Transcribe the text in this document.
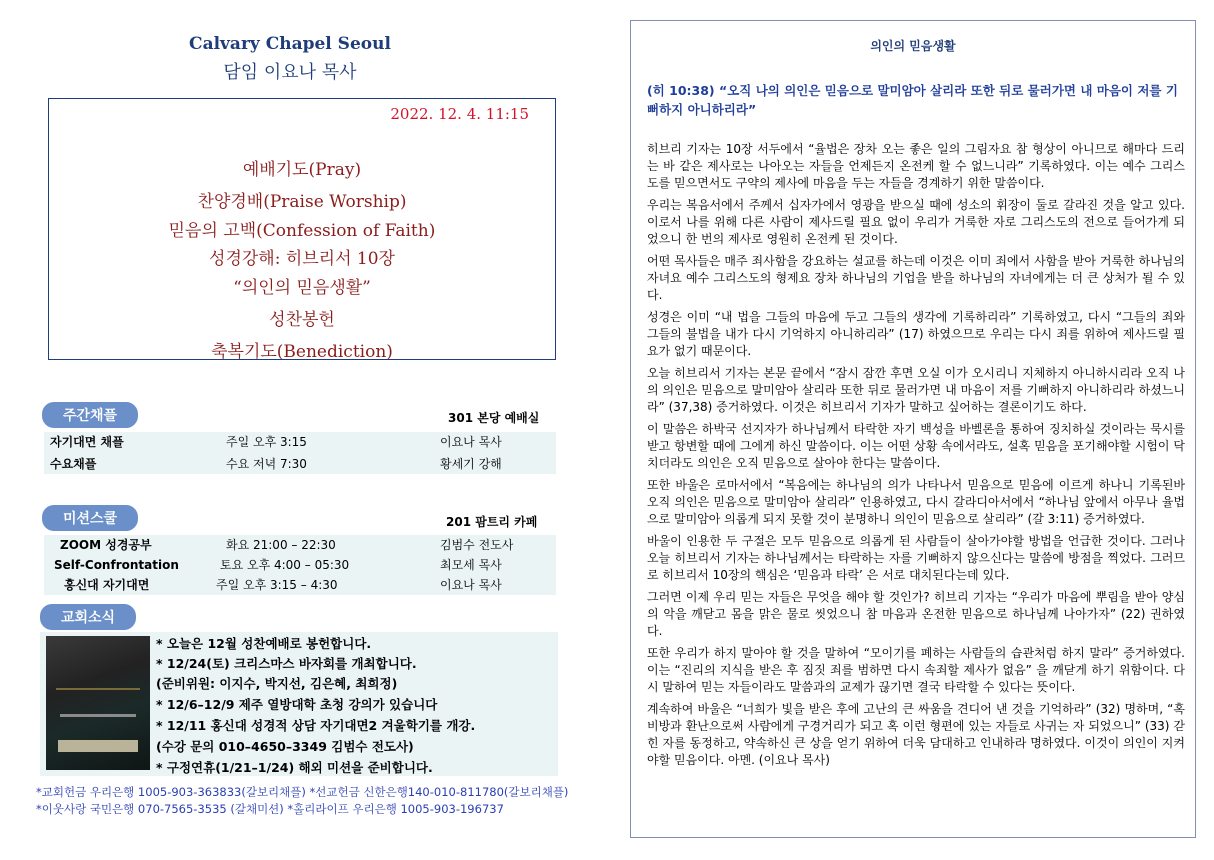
Calvary Chapel Seoul
담임 이요나 목사
2022. 12. 4. 11:15
예배기도(Pray)
찬양경배(Praise Worship)
믿음의 고백(Confession of Faith)
성경강해: 히브리서 10장
“의인의 믿음생활”
성찬봉헌
축복기도(Benediction)
주간채플	301 본당 예배실
자기대면 채플	주일 오후 3:15	이요나 목사
수요채플	수요 저녁 7:30	황세기 강해
미션스쿨	201 팜트리 카페
ZOOM 성경공부	화요 21:00 – 22:30	김범수 전도사
Self-Confrontation	토요 오후 4:00 – 05:30	최모세 목사
홍신대 자기대면	주일 오후 3:15 – 4:30	이요나 목사
교회소식
* 오늘은 12월 성찬예배로 봉헌합니다.
* 12/24(토) 크리스마스 바자회를 개최합니다.
(준비위원: 이지수, 박지선, 김은혜, 최희정)
* 12/6–12/9 제주 열방대학 초청 강의가 있습니다
* 12/11 홍신대 성경적 상담 자기대면2 겨울학기를 개강.
(수강 문의 010–4650–3349 김범수 전도사)
* 구정연휴(1/21–1/24) 해외 미션을 준비합니다.
*교회헌금 우리은행 1005-903-363833(갈보리채플) *선교헌금 신한은행140-010-811780(갈보리채플)
*이웃사랑 국민은행 070-7565-3535 (갈채미션) *홀리라이프 우리은행 1005-903-196737
의인의 믿음생활
(히 10:38) “오직 나의 의인은 믿음으로 말미암아 살리라 또한 뒤로 물러가면 내 마음이 저를 기뻐하지 아니하리라”

히브리 기자는 10장 서두에서 “율법은 장차 오는 좋은 일의 그림자요 참 형상이 아니므로 해마다 드리는 바 같은 제사로는 나아오는 자들을 언제든지 온전케 할 수 없느니라” 기록하였다. 이는 예수 그리스도를 믿으면서도 구약의 제사에 마음을 두는 자들을 경계하기 위한 말씀이다.

우리는 복음서에서 주께서 십자가에서 영광을 받으실 때에 성소의 휘장이 둘로 갈라진 것을 알고 있다. 이로서 나를 위해 다른 사람이 제사드릴 필요 없이 우리가 거룩한 자로 그리스도의 전으로 들어가게 되었으니 한 번의 제사로 영원히 온전케 된 것이다.

어떤 목사들은 매주 죄사함을 강요하는 설교를 하는데 이것은 이미 죄에서 사함을 받아 거룩한 하나님의 자녀요 예수 그리스도의 형제요 장차 하나님의 기업을 받을 하나님의 자녀에게는 더 큰 상처가 될 수 있다.

성경은 이미 “내 법을 그들의 마음에 두고 그들의 생각에 기록하리라” 기록하였고, 다시 “그들의 죄와 그들의 불법을 내가 다시 기억하지 아니하리라” (17) 하였으므로 우리는 다시 죄를 위하여 제사드릴 필요가 없기 때문이다.

오늘 히브리서 기자는 본문 끝에서 “잠시 잠깐 후면 오실 이가 오시리니 지체하지 아니하시리라 오직 나의 의인은 믿음으로 말미암아 살리라 또한 뒤로 물러가면 내 마음이 저를 기뻐하지 아니하리라 하셨느니라” (37,38) 증거하였다. 이것은 히브리서 기자가 말하고 싶어하는 결론이기도 하다.

이 말씀은 하박국 선지자가 하나님께서 타락한 자기 백성을 바벨론을 통하여 징치하실 것이라는 묵시를 받고 항변할 때에 그에게 하신 말씀이다. 이는 어떤 상황 속에서라도, 설혹 믿음을 포기해야할 시험이 닥치더라도 의인은 오직 믿음으로 살아야 한다는 말씀이다.

또한 바울은 로마서에서 “복음에는 하나님의 의가 나타나서 믿음으로 믿음에 이르게 하나니 기록된바 오직 의인은 믿음으로 말미암아 살리라” 인용하였고, 다시 갈라디아서에서 “하나님 앞에서 아무나 율법으로 말미암아 의롭게 되지 못할 것이 분명하니 의인이 믿음으로 살리라” (갈 3:11) 증거하였다.

바울이 인용한 두 구절은 모두 믿음으로 의롭게 된 사람들이 살아가야할 방법을 언급한 것이다. 그러나 오늘 히브리서 기자는 하나님께서는 타락하는 자를 기뻐하지 않으신다는 말씀에 방점을 찍었다. 그러므로 히브리서 10장의 핵심은 ‘믿음과 타락’ 은 서로 대치된다는데 있다.

그러면 이제 우리 믿는 자들은 무엇을 해야 할 것인가? 히브리 기자는 “우리가 마음에 뿌림을 받아 양심의 악을 깨닫고 몸을 맑은 물로 씻었으니 참 마음과 온전한 믿음으로 하나님께 나아가자” (22) 권하였다.

또한 우리가 하지 말아야 할 것을 말하여 “모이기를 폐하는 사람들의 습관처럼 하지 말라” 증거하였다. 이는 “진리의 지식을 받은 후 짐짓 죄를 범하면 다시 속죄할 제사가 없음” 을 깨닫게 하기 위함이다. 다시 말하여 믿는 자들이라도 말씀과의 교제가 끊기면 결국 타락할 수 있다는 뜻이다.

계속하여 바울은 “너희가 빛을 받은 후에 고난의 큰 싸움을 견디어 낸 것을 기억하라” (32) 명하며, “혹 비방과 환난으로써 사람에게 구경거리가 되고 혹 이런 형편에 있는 자들로 사귀는 자 되었으니” (33) 갇힌 자를 동정하고, 약속하신 큰 상을 얻기 위하여 더욱 담대하고 인내하라 명하였다. 이것이 의인이 지켜야할 믿음이다. 아멘. (이요나 목사)
